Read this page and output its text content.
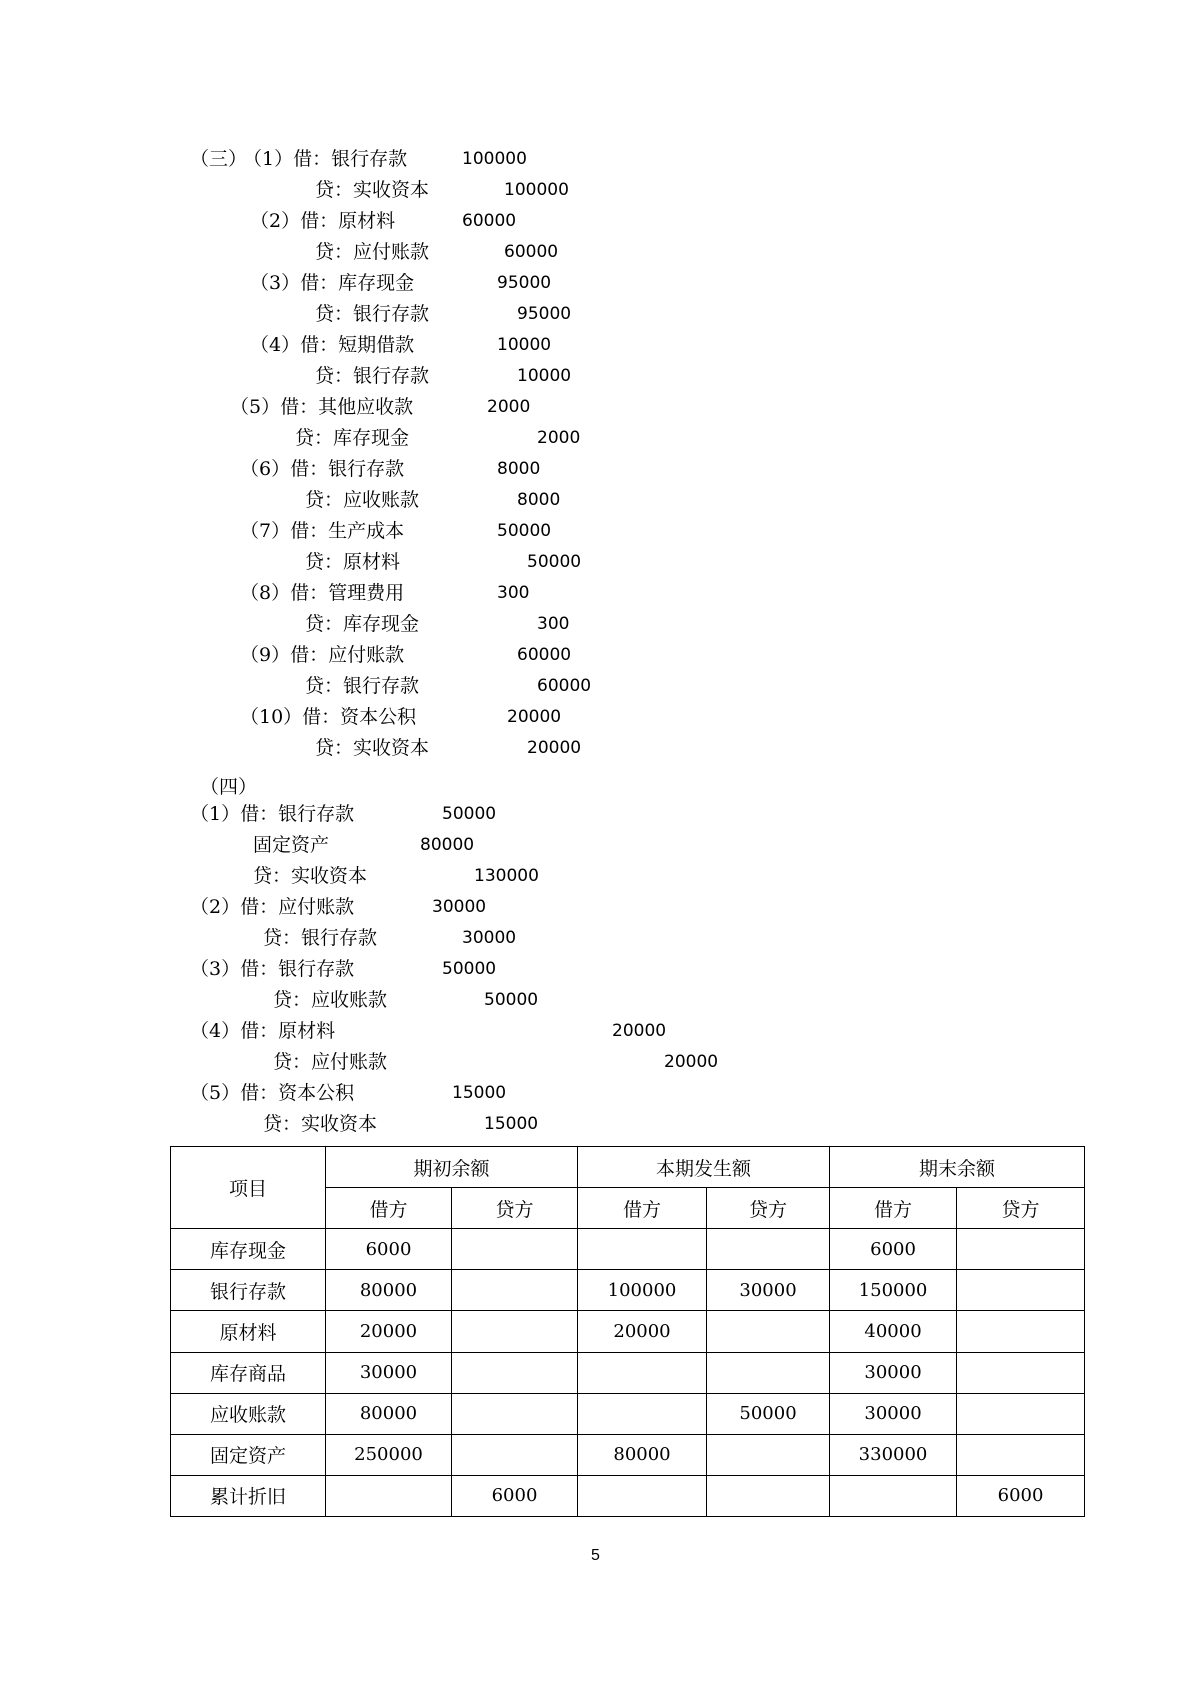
（三）
（1）借：银行存款	100000
贷：实收资本	100000
（2）借：原材料	60000
贷：应付账款	60000
（3）借：库存现金	95000
贷：银行存款	95000
（4）借：短期借款	10000
贷：银行存款	10000
（5）借：其他应收款	2000
贷：库存现金	2000
（6）借：银行存款	8000
贷：应收账款	8000
（7）借：生产成本	50000
贷：原材料	50000
（8）借：管理费用	300
贷：库存现金	300
（9）借：应付账款	60000
贷：银行存款	60000
（10）借：资本公积	20000
贷：实收资本	20000
（四）
（1）借：银行存款	50000
固定资产	80000
贷：实收资本	130000
（2）借：应付账款	30000
贷：银行存款	30000
（3）借：银行存款	50000
贷：应收账款	50000
（4）借：原材料	20000
贷：应付账款	20000
（5）借：资本公积	15000
贷：实收资本	15000
项目	期初余额		本期发生额		期末余额	
	借方	贷方	借方	贷方	借方	贷方
库存现金	6000				6000	
银行存款	80000		100000	30000	150000	
原材料	20000		20000		40000	
库存商品	30000				30000	
应收账款	80000			50000	30000	
固定资产	250000		80000		330000	
累计折旧		6000				6000
5
